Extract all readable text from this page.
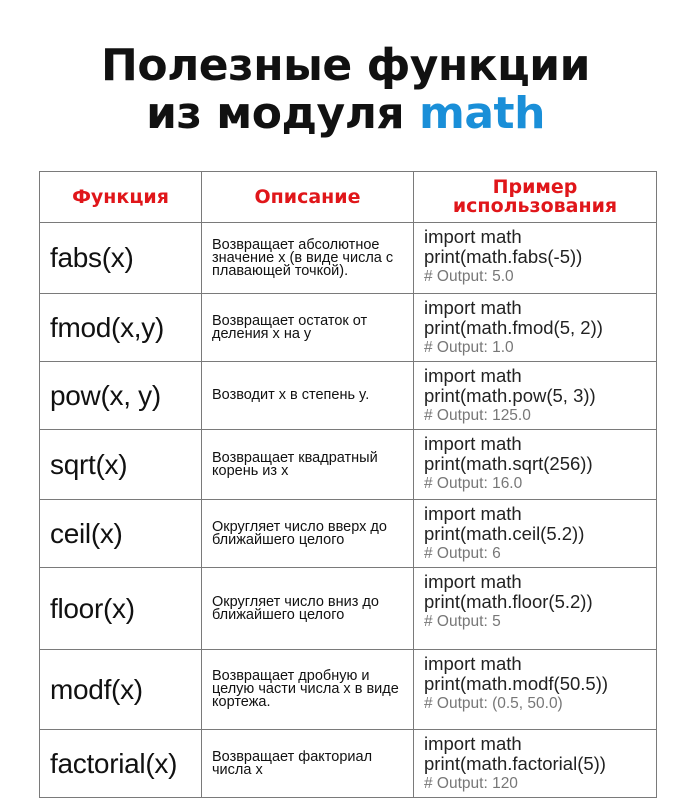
Полезные функции
из модуля math
Функция	Описание	Пример
использования

fabs(x)	Возвращает абсолютное значение x (в виде числа с плавающей точкой).	import math
print(math.fabs(-5))
# Output: 5.0

fmod(x,y)	Возвращает остаток от деления x на y	import math
print(math.fmod(5, 2))
# Output: 1.0

pow(x, y)	Возводит x в степень y.	import math
print(math.pow(5, 3))
# Output: 125.0

sqrt(x)	Возвращает квадратный корень из x	import math
print(math.sqrt(256))
# Output: 16.0

ceil(x)	Округляет число вверх до ближайшего целого	import math
print(math.ceil(5.2))
# Output: 6

floor(x)	Округляет число вниз до ближайшего целого	import math
print(math.floor(5.2))
# Output: 5

modf(x)	Возвращает дробную и целую части числа x в виде кортежа.	import math
print(math.modf(50.5))
# Output: (0.5, 50.0)

factorial(x)	Возвращает факториал числа x	import math
print(math.factorial(5))
# Output: 120
